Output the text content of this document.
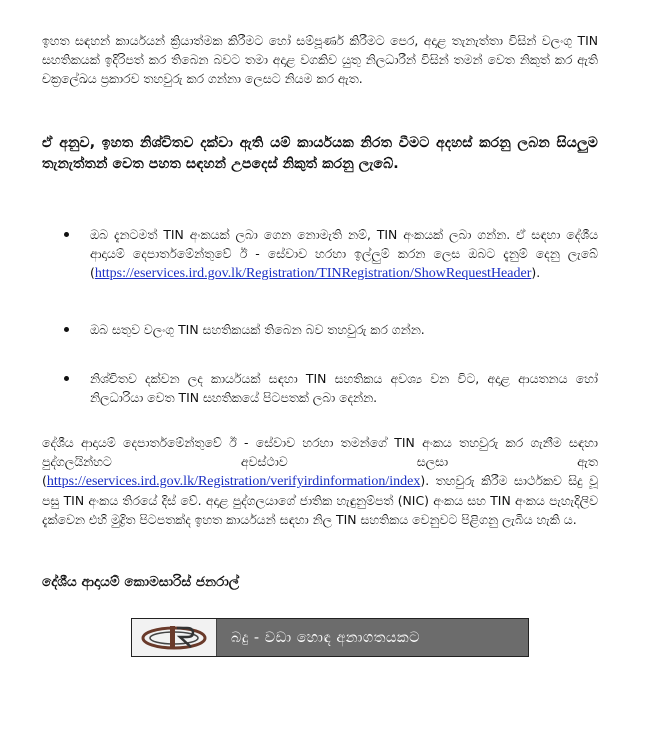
ඉහත සඳහන් කාර්යයන් ක්‍රියාත්මක කිරීමට හෝ සම්පූර්ණ කිරීමට පෙර, අදාළ තැනැත්තා විසින් වලංගු TIN සහතිකයක් ඉදිරිපත් කර තිබෙන බවට තමා අදාළ වගකිව යුතු නිලධාරීන් විසින් තමන් වෙත නිකුත් කර ඇති චක්‍රලේඛය ප්‍රකාරව තහවුරු කර ගන්නා ලෙසට නියම කර ඇත.

ඒ අනුව, ඉහත නිශ්චිතව දක්වා ඇති යම් කාර්යයක නිරත වීමට අදහස් කරනු ලබන සියලුම තැනැත්තන් වෙත පහත සඳහන් උපදෙස් නිකුත් කරනු ලැබේ.

ඔබ දැනටමත් TIN අංකයක් ලබා ගෙන නොමැති නම්, TIN අංකයක් ලබා ගන්න. ඒ සඳහා දේශීය ආදායම් දෙපාර්තමේන්තුවේ ඊ - සේවාව හරහා ඉල්ලුම් කරන ලෙස ඔබට දැනුම් දෙනු ලැබේ (https://eservices.ird.gov.lk/Registration/TINRegistration/ShowRequestHeader).
ඔබ සතුව වලංගු TIN සහතිකයක් තිබෙන බව තහවුරු කර ගන්න.
නිශ්චිතව දක්වන ලද කාර්යයක් සඳහා TIN සහතිකය අවශ්‍ය වන විට, අදාළ ආයතනය හෝ නිලධාරියා වෙත TIN සහතිකයේ පිටපතක් ලබා දෙන්න.

දේශීය ආදායම් දෙපාර්තමේන්තුවේ ඊ - සේවාව හරහා තමන්ගේ TIN අංකය තහවුරු කර ගැනීම සඳහා පුද්ගලයින්හට අවස්ථාව සලසා ඇත (https://eservices.ird.gov.lk/Registration/verifyirdinformation/index). තහවුරු කිරීම සාර්ථකව සිදු වූ පසු TIN අංකය තිරයේ දිස් වේ. අදාළ පුද්ගලයාගේ ජාතික හැඳුනුම්පත් (NIC) අංකය සහ TIN අංකය පැහැදිලිව දැක්වෙන එහි මුද්‍රිත පිටපතක්ද ඉහත කාර්යයන් සඳහා නිල TIN සහතිකය වෙනුවට පිළිගනු ලැබිය හැකි ය.

දේශීය ආදායම් කොමසාරිස් ජනරාල්

බදු - වඩා හොඳ අනාගතයකට
